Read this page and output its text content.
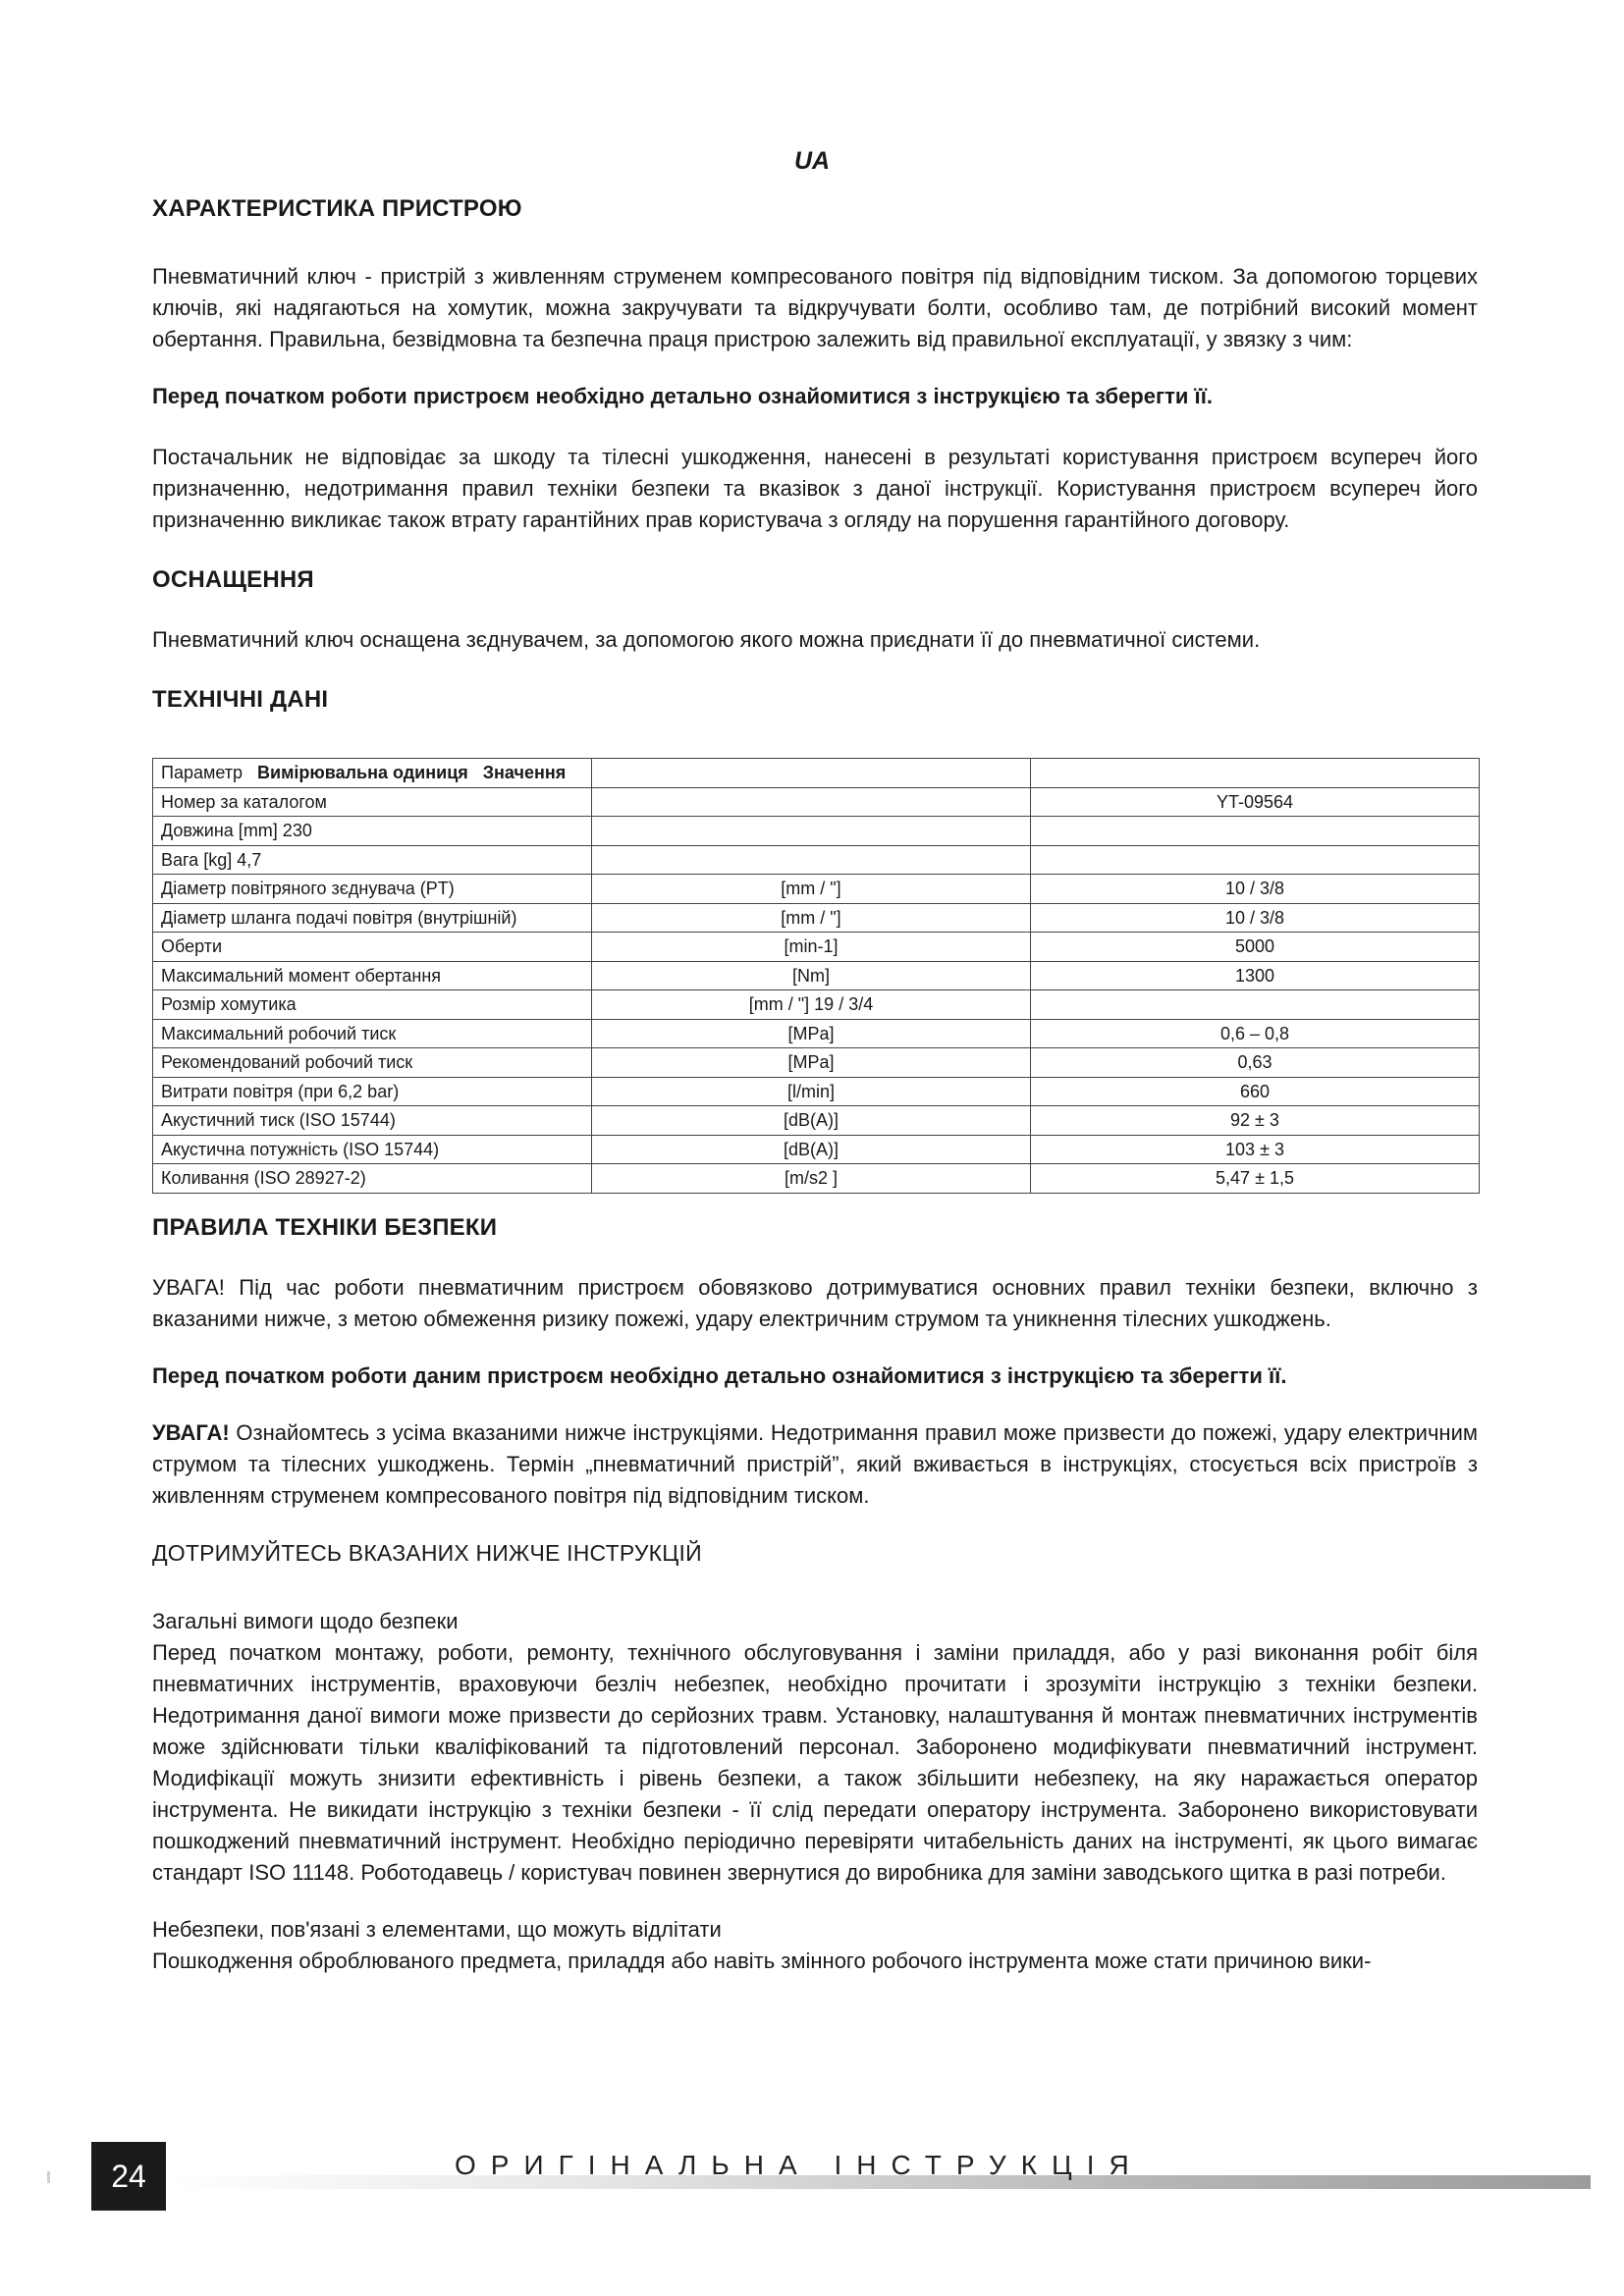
UA
ХАРАКТЕРИСТИКА ПРИСТРОЮ

Пневматичний ключ - пристрій з живленням струменем компресованого повітря під відповідним тиском. За допомогою торцевих ключів, які надягаються на хомутик, можна закручувати та відкручувати болти, особливо там, де потрібний високий момент обертання. Правильна, безвідмовна та безпечна праця пристрою залежить від правильної експлуатації, у звязку з чим:

Перед початком роботи пристроєм необхідно детально ознайомитися з інструкцією та зберегти її.

Постачальник не відповідає за шкоду та тілесні ушкодження, нанесені в результаті користування пристроєм всупереч його призначенню, недотримання правил техніки безпеки та вказівок з даної інструкції. Користування пристроєм всупереч його призначенню викликає також втрату гарантійних прав користувача з огляду на порушення гарантійного договору.

ОСНАЩЕННЯ

Пневматичний ключ оснащена зєднувачем, за допомогою якого можна приєднати її до пневматичної системи.

ТЕХНІЧНІ ДАНІ
Параметр Вимірювальна одиниця Значення		
Номер за каталогом		YT-09564
Довжина [mm] 230		
Вага [kg] 4,7		
Діаметр повітряного зєднувача (PT)	[mm / "]	10 / 3/8
Діаметр шланга подачі повітря (внутрішній)	[mm / "]	10 / 3/8
Оберти	[min-1]	5000
Максимальний момент обертання	[Nm]	1300
Розмір хомутика	[mm / "] 19 / 3/4	
Максимальний робочий тиск	[MPa]	0,6 – 0,8
Рекомендований робочий тиск	[MPa]	0,63
Витрати повітря (при 6,2 bar)	[l/min]	660
Акустичний тиск (ISO 15744)	[dB(A)]	92 ± 3
Акустична потужність (ISO 15744)	[dB(A)]	103 ± 3
Коливання (ISO 28927-2)	[m/s2 ]	5,47 ± 1,5
ПРАВИЛА ТЕХНІКИ БЕЗПЕКИ

УВАГА! Під час роботи пневматичним пристроєм обовязково дотримуватися основних правил техніки безпеки, включно з вказаними нижче, з метою обмеження ризику пожежі, удару електричним струмом та уникнення тілесних ушкоджень.

Перед початком роботи даним пристроєм необхідно детально ознайомитися з інструкцією та зберегти її.

УВАГА! Ознайомтесь з усіма вказаними нижче інструкціями. Недотримання правил може призвести до пожежі, удару електричним струмом та тілесних ушкоджень. Термін „пневматичний пристрій”, який вживається в інструкціях, стосується всіх пристроїв з живленням струменем компресованого повітря під відповідним тиском.

ДОТРИМУЙТЕСЬ ВКАЗАНИХ НИЖЧЕ ІНСТРУКЦІЙ

Загальні вимоги щодо безпеки

Перед початком монтажу, роботи, ремонту, технічного обслуговування і заміни приладдя, або у разі виконання робіт біля пневматичних інструментів, враховуючи безліч небезпек, необхідно прочитати і зрозуміти інструкцію з техніки безпеки. Недотримання даної вимоги може призвести до серйозних травм. Установку, налаштування й монтаж пневматичних інструментів може здійснювати тільки кваліфікований та підготовлений персонал. Заборонено модифікувати пневматичний інструмент. Модифікації можуть знизити ефективність і рівень безпеки, а також збільшити небезпеку, на яку наражається оператор інструмента. Не викидати інструкцію з техніки безпеки - її слід передати оператору інструмента. Заборонено використовувати пошкоджений пневматичний інструмент. Необхідно періодично перевіряти читабельність даних на інструменті, як цього вимагає стандарт ISO 11148. Роботодавець / користувач повинен звернутися до виробника для заміни заводського щитка в разі потреби.

Небезпеки, пов'язані з елементами, що можуть відлітати

Пошкодження оброблюваного предмета, приладдя або навіть змінного робочого інструмента може стати причиною вики-

24	ОРИГІНАЛЬНА ІНСТРУКЦІЯ
